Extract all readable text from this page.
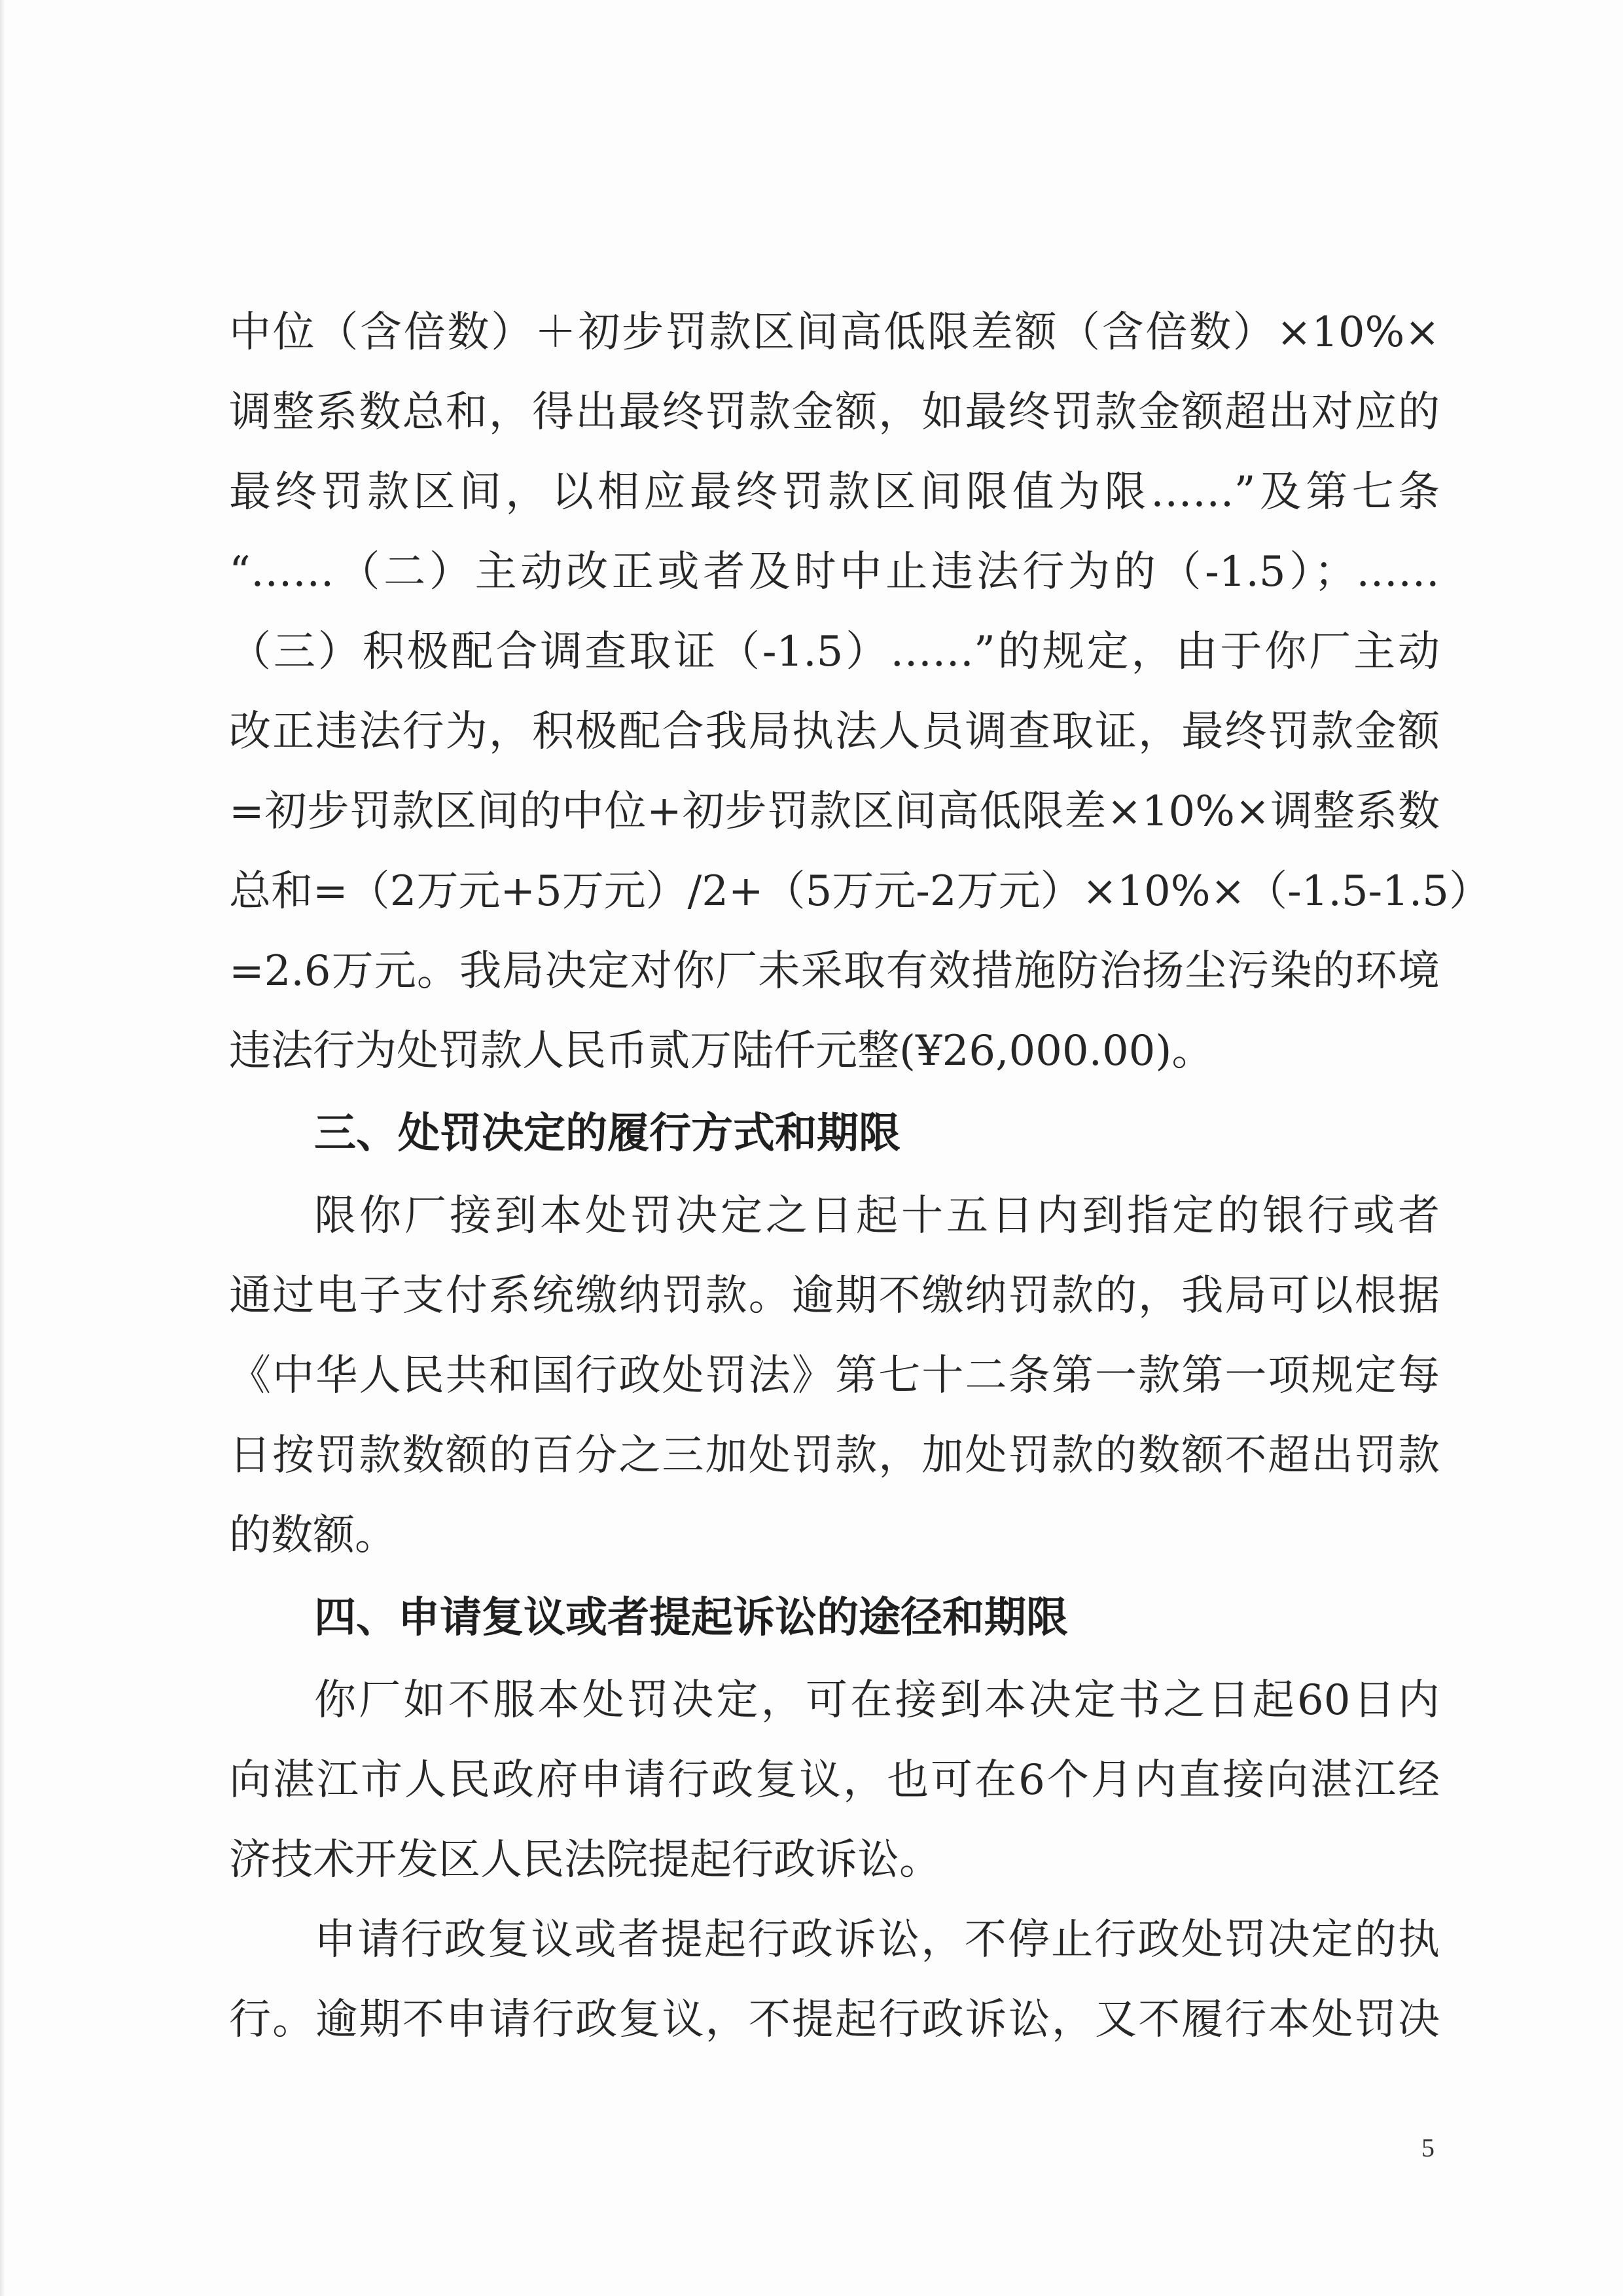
中位（含倍数）＋初步罚款区间高低限差额（含倍数）×10%×
调整系数总和，得出最终罚款金额，如最终罚款金额超出对应的
最终罚款区间，以相应最终罚款区间限值为限……”及第七条
“……（二）主动改正或者及时中止违法行为的（-1.5）；……
（三）积极配合调查取证（-1.5）……”的规定，由于你厂主动
改正违法行为，积极配合我局执法人员调查取证，最终罚款金额
=初步罚款区间的中位+初步罚款区间高低限差×10%×调整系数
总和=（2万元+5万元）/2+（5万元-2万元）×10%×（-1.5-1.5）
=2.6万元。我局决定对你厂未采取有效措施防治扬尘污染的环境
违法行为处罚款人民币贰万陆仟元整(¥26,000.00)。
三、处罚决定的履行方式和期限
限你厂接到本处罚决定之日起十五日内到指定的银行或者
通过电子支付系统缴纳罚款。逾期不缴纳罚款的，我局可以根据
《中华人民共和国行政处罚法》第七十二条第一款第一项规定每
日按罚款数额的百分之三加处罚款，加处罚款的数额不超出罚款
的数额。
四、申请复议或者提起诉讼的途径和期限
你厂如不服本处罚决定，可在接到本决定书之日起60日内
向湛江市人民政府申请行政复议，也可在6个月内直接向湛江经
济技术开发区人民法院提起行政诉讼。
申请行政复议或者提起行政诉讼，不停止行政处罚决定的执
行。逾期不申请行政复议，不提起行政诉讼，又不履行本处罚决
5
